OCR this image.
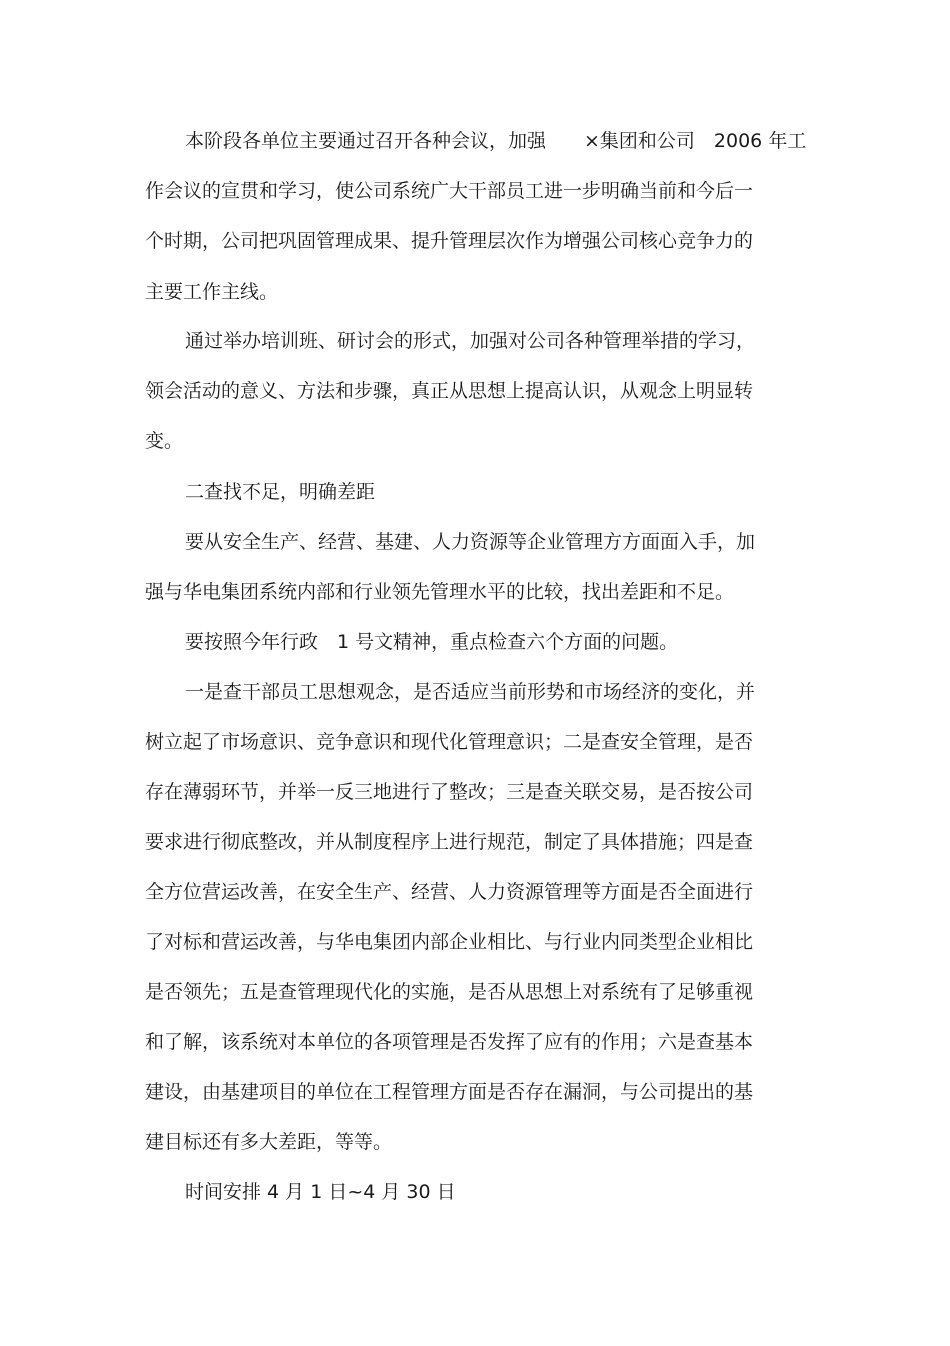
本阶段各单位主要通过召开各种会议，加强　　×集团和公司　2006 年工
作会议的宣贯和学习，使公司系统广大干部员工进一步明确当前和今后一
个时期，公司把巩固管理成果、提升管理层次作为增强公司核心竞争力的
主要工作主线。
通过举办培训班、研讨会的形式，加强对公司各种管理举措的学习，
领会活动的意义、方法和步骤，真正从思想上提高认识，从观念上明显转
变。
二查找不足，明确差距
要从安全生产、经营、基建、人力资源等企业管理方方面面入手，加
强与华电集团系统内部和行业领先管理水平的比较，找出差距和不足。
要按照今年行政　1 号文精神，重点检查六个方面的问题。
一是查干部员工思想观念，是否适应当前形势和市场经济的变化，并
树立起了市场意识、竞争意识和现代化管理意识；二是查安全管理，是否
存在薄弱环节，并举一反三地进行了整改；三是查关联交易，是否按公司
要求进行彻底整改，并从制度程序上进行规范，制定了具体措施；四是查
全方位营运改善，在安全生产、经营、人力资源管理等方面是否全面进行
了对标和营运改善，与华电集团内部企业相比、与行业内同类型企业相比
是否领先；五是查管理现代化的实施，是否从思想上对系统有了足够重视
和了解，该系统对本单位的各项管理是否发挥了应有的作用；六是查基本
建设，由基建项目的单位在工程管理方面是否存在漏洞，与公司提出的基
建目标还有多大差距，等等。
时间安排 4 月 1 日~4 月 30 日
